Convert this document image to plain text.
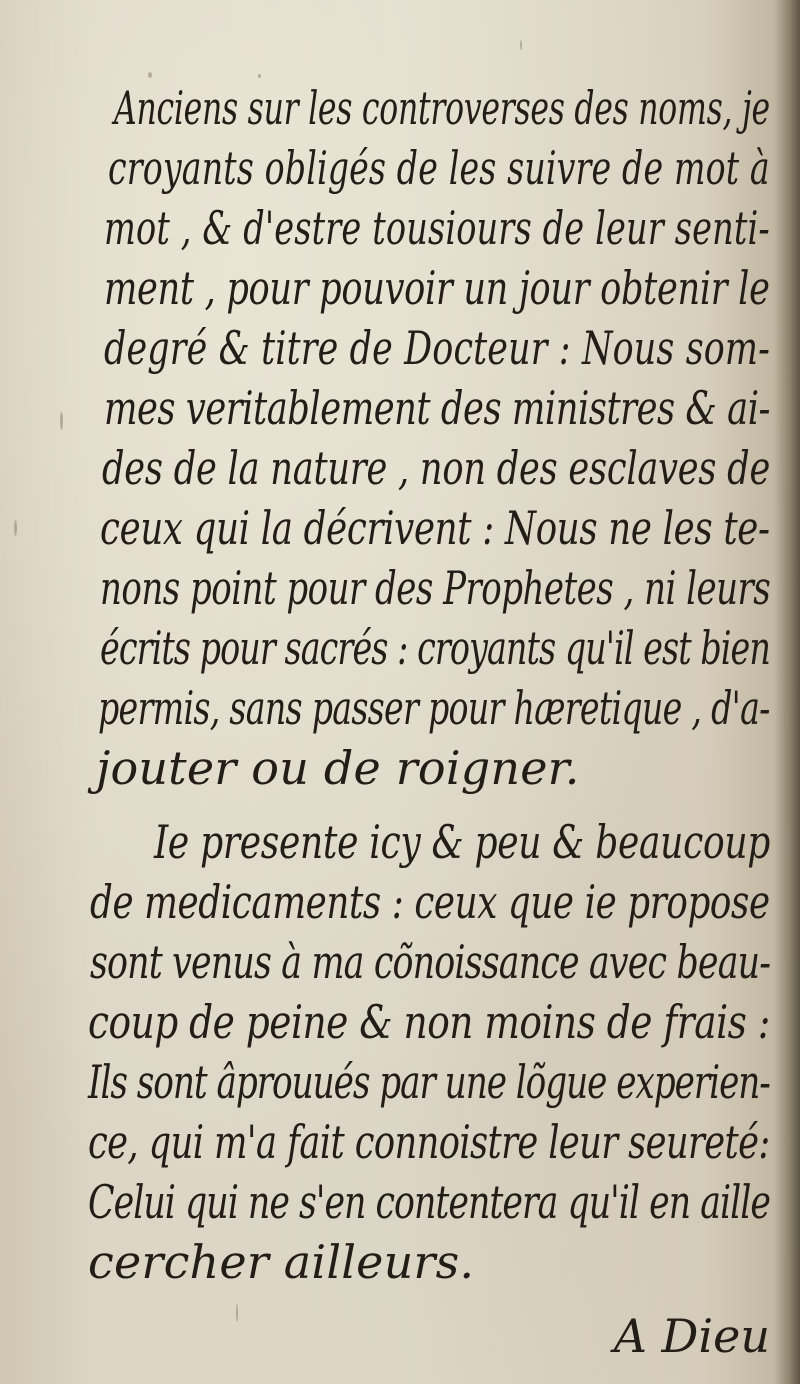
Anciens sur les controverses des noms, je
croyants obligés de les suivre de mot à
mot , & d'estre tousiours de leur senti-
ment , pour pouvoir un jour obtenir le
degré & titre de Docteur : Nous som-
mes veritablement des ministres & ai-
des de la nature , non des esclaves de
ceux qui la décrivent : Nous ne les te-
nons point pour des Prophetes , ni leurs
écrits pour sacrés : croyants qu'il est bien
permis, sans passer pour hæretique , d'a-
jouter ou de roigner.
Ie presente icy & peu & beaucoup
de medicaments : ceux que ie propose
sont venus à ma cõnoissance avec beau-
coup de peine & non moins de frais :
Ils sont âprouués par une lõgue experien-
ce, qui m'a fait connoistre leur seureté:
Celui qui ne s'en contentera qu'il en aille
cercher ailleurs.
A Dieu
